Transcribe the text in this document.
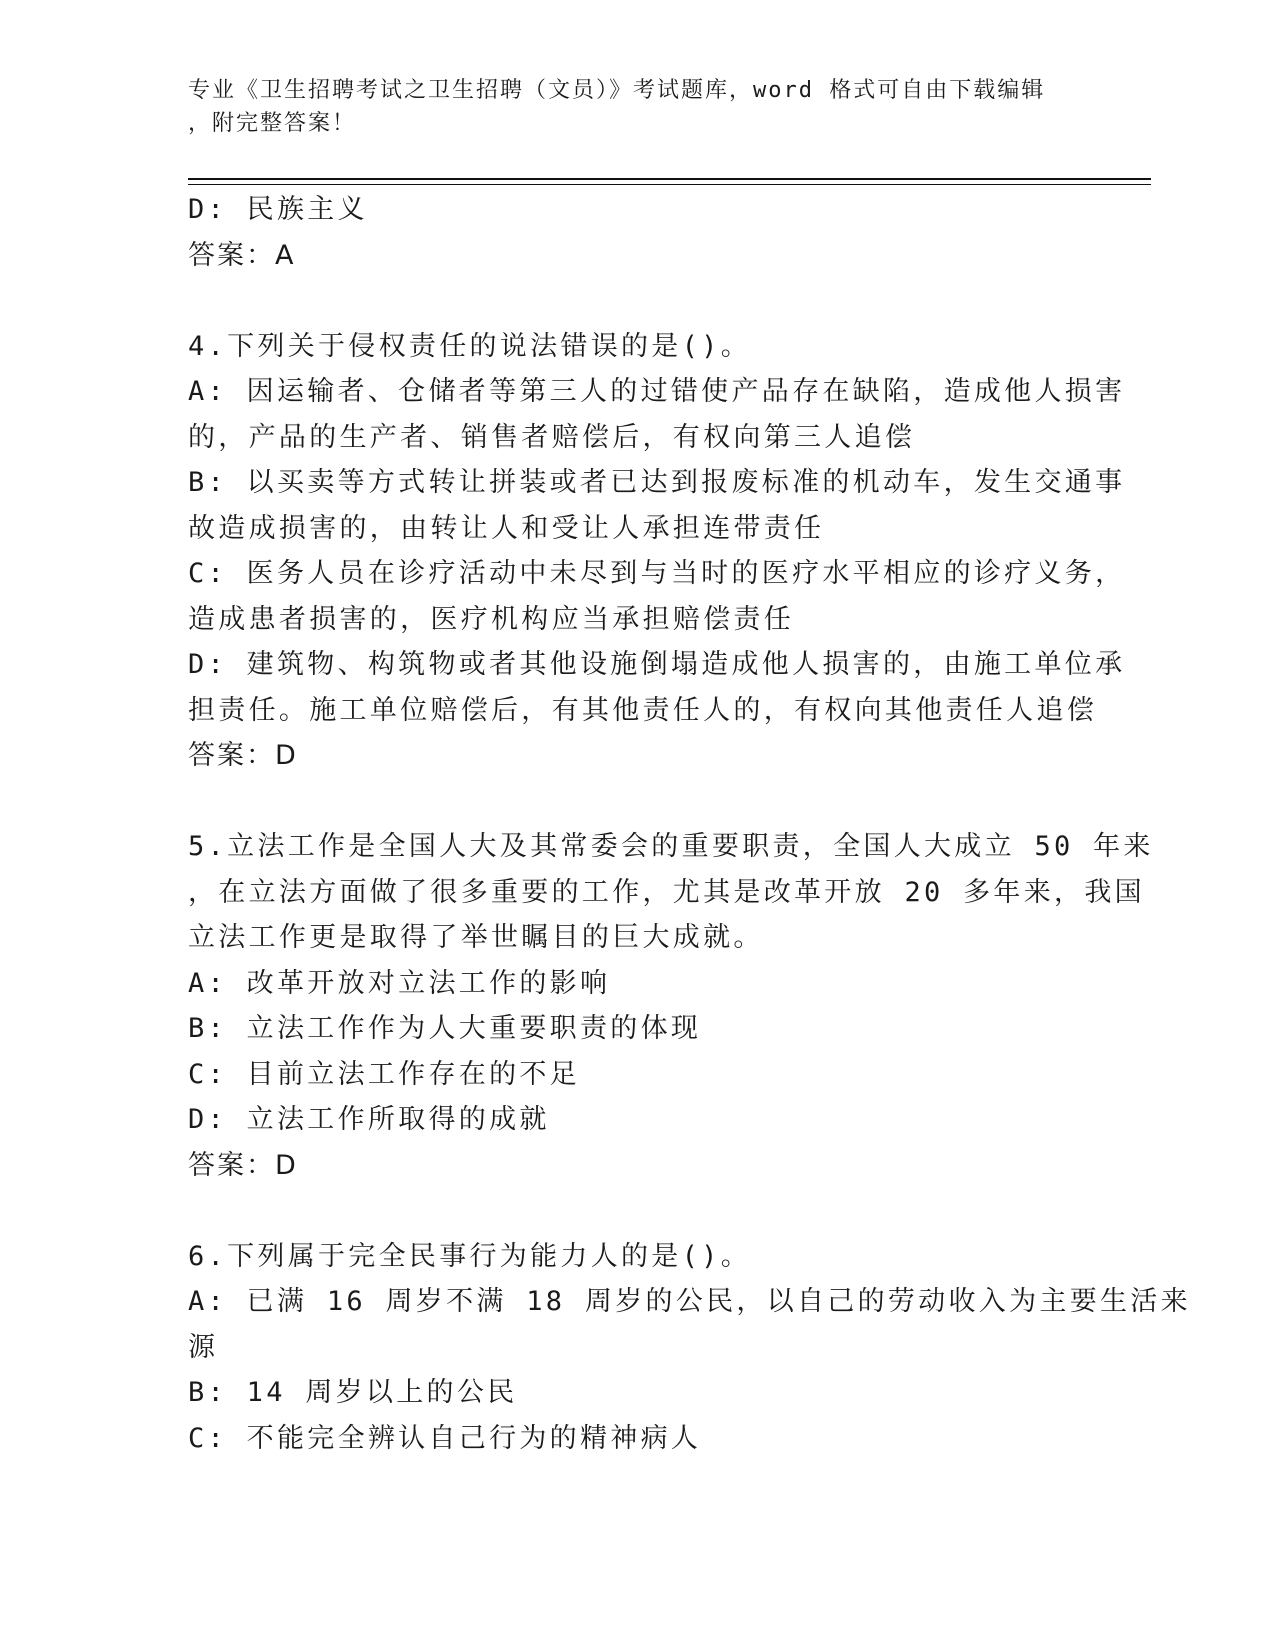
专业《卫生招聘考试之卫生招聘（文员）》考试题库，word 格式可自由下载编辑
，附完整答案！
D: 民族主义
答案：A
4.下列关于侵权责任的说法错误的是()。
A: 因运输者、仓储者等第三人的过错使产品存在缺陷，造成他人损害
的，产品的生产者、销售者赔偿后，有权向第三人追偿
B: 以买卖等方式转让拼装或者已达到报废标准的机动车，发生交通事
故造成损害的，由转让人和受让人承担连带责任
C: 医务人员在诊疗活动中未尽到与当时的医疗水平相应的诊疗义务，
造成患者损害的，医疗机构应当承担赔偿责任
D: 建筑物、构筑物或者其他设施倒塌造成他人损害的，由施工单位承
担责任。施工单位赔偿后，有其他责任人的，有权向其他责任人追偿
答案：D
5.立法工作是全国人大及其常委会的重要职责，全国人大成立 50 年来
，在立法方面做了很多重要的工作，尤其是改革开放 20 多年来，我国
立法工作更是取得了举世瞩目的巨大成就。
A: 改革开放对立法工作的影响
B: 立法工作作为人大重要职责的体现
C: 目前立法工作存在的不足
D: 立法工作所取得的成就
答案：D
6.下列属于完全民事行为能力人的是()。
A: 已满 16 周岁不满 18 周岁的公民，以自己的劳动收入为主要生活来
源
B: 14 周岁以上的公民
C: 不能完全辨认自己行为的精神病人
